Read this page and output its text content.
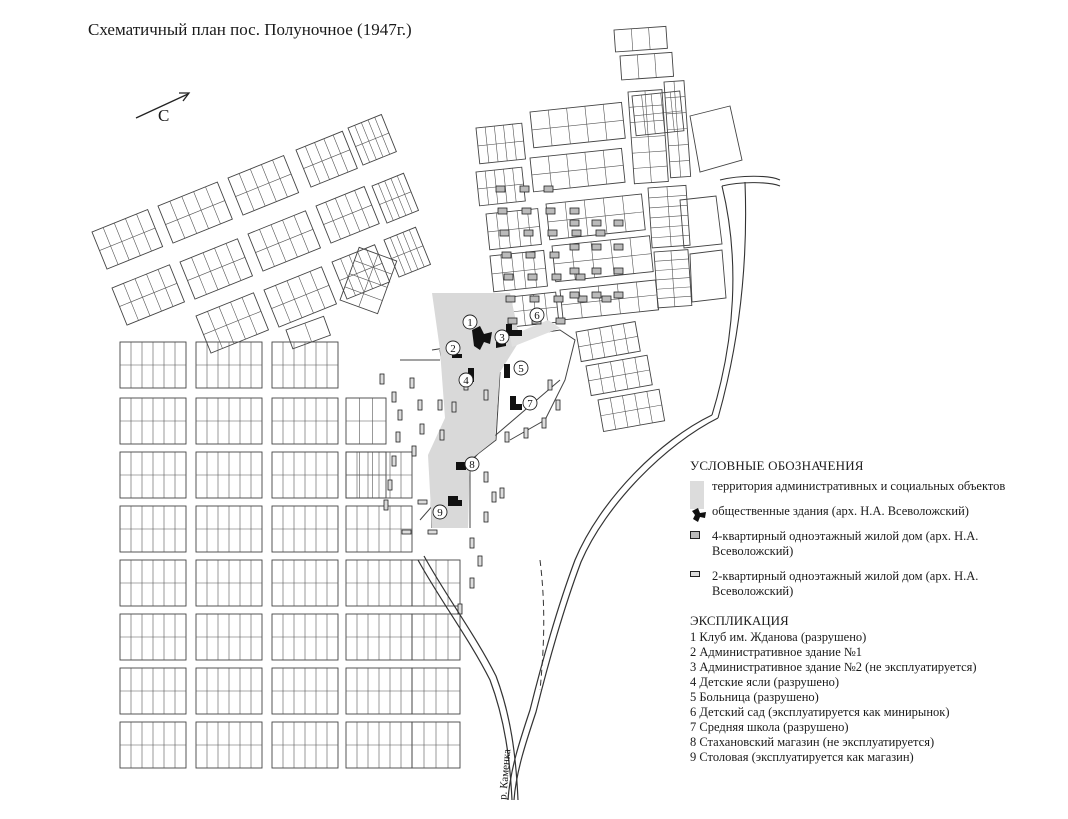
Схематичный план пос. Полуночное (1947г.)
С
1
2
3
4
5
6
7
8
9
р. Каменка
УСЛОВНЫЕ ОБОЗНАЧЕНИЯ
территория административных и социальных объектов
общественные здания (арх. Н.А. Всеволожский)
4-квартирный одноэтажный жилой дом (арх. Н.А. Всеволожский)
2-квартирный одноэтажный жилой дом (арх. Н.А. Всеволожский)
ЭКСПЛИКАЦИЯ
1 Клуб им. Жданова (разрушено)
2 Административное здание №1
3 Административное здание №2 (не эксплуатируется)
4 Детские ясли (разрушено)
5 Больница (разрушено)
6 Детский сад (эксплуатируется как минирынок)
7 Средняя школа (разрушено)
8 Стахановский магазин (не эксплуатируется)
9 Столовая (эксплуатируется как магазин)
